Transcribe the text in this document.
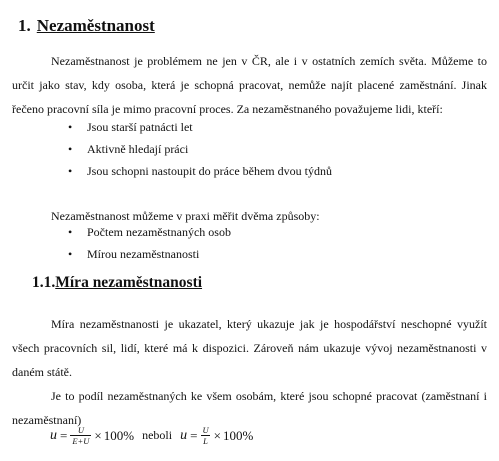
1. Nezaměstnanost

Nezaměstnanost je problémem ne jen v ČR, ale i v ostatních zemích světa. Můžeme to určit jako stav, kdy osoba, která je schopná pracovat, nemůže najít placené zaměstnání. Jinak řečeno pracovní síla je mimo pracovní proces. Za nezaměstnaného považujeme lidi, kteří:

• Jsou starší patnácti let
• Aktivně hledají práci
• Jsou schopni nastoupit do práce během dvou týdnů

Nezaměstnanost můžeme v praxi měřit dvěma způsoby:

• Počtem nezaměstnaných osob
• Mírou nezaměstnanosti
1.1.Míra nezaměstnanosti

Míra nezaměstnanosti je ukazatel, který ukazuje jak je hospodářství neschopné využít všech pracovních sil, lidí, které má k dispozici. Zároveň nám ukazuje vývoj nezaměstnanosti v daném státě.

Je to podíl nezaměstnaných ke všem osobám, které jsou schopné pracovat (zaměstnaní i nezaměstnaní)

$u = \frac{U}{E+U} \times 100\%$ neboli $u = \frac{U}{L} \times 100\%$
